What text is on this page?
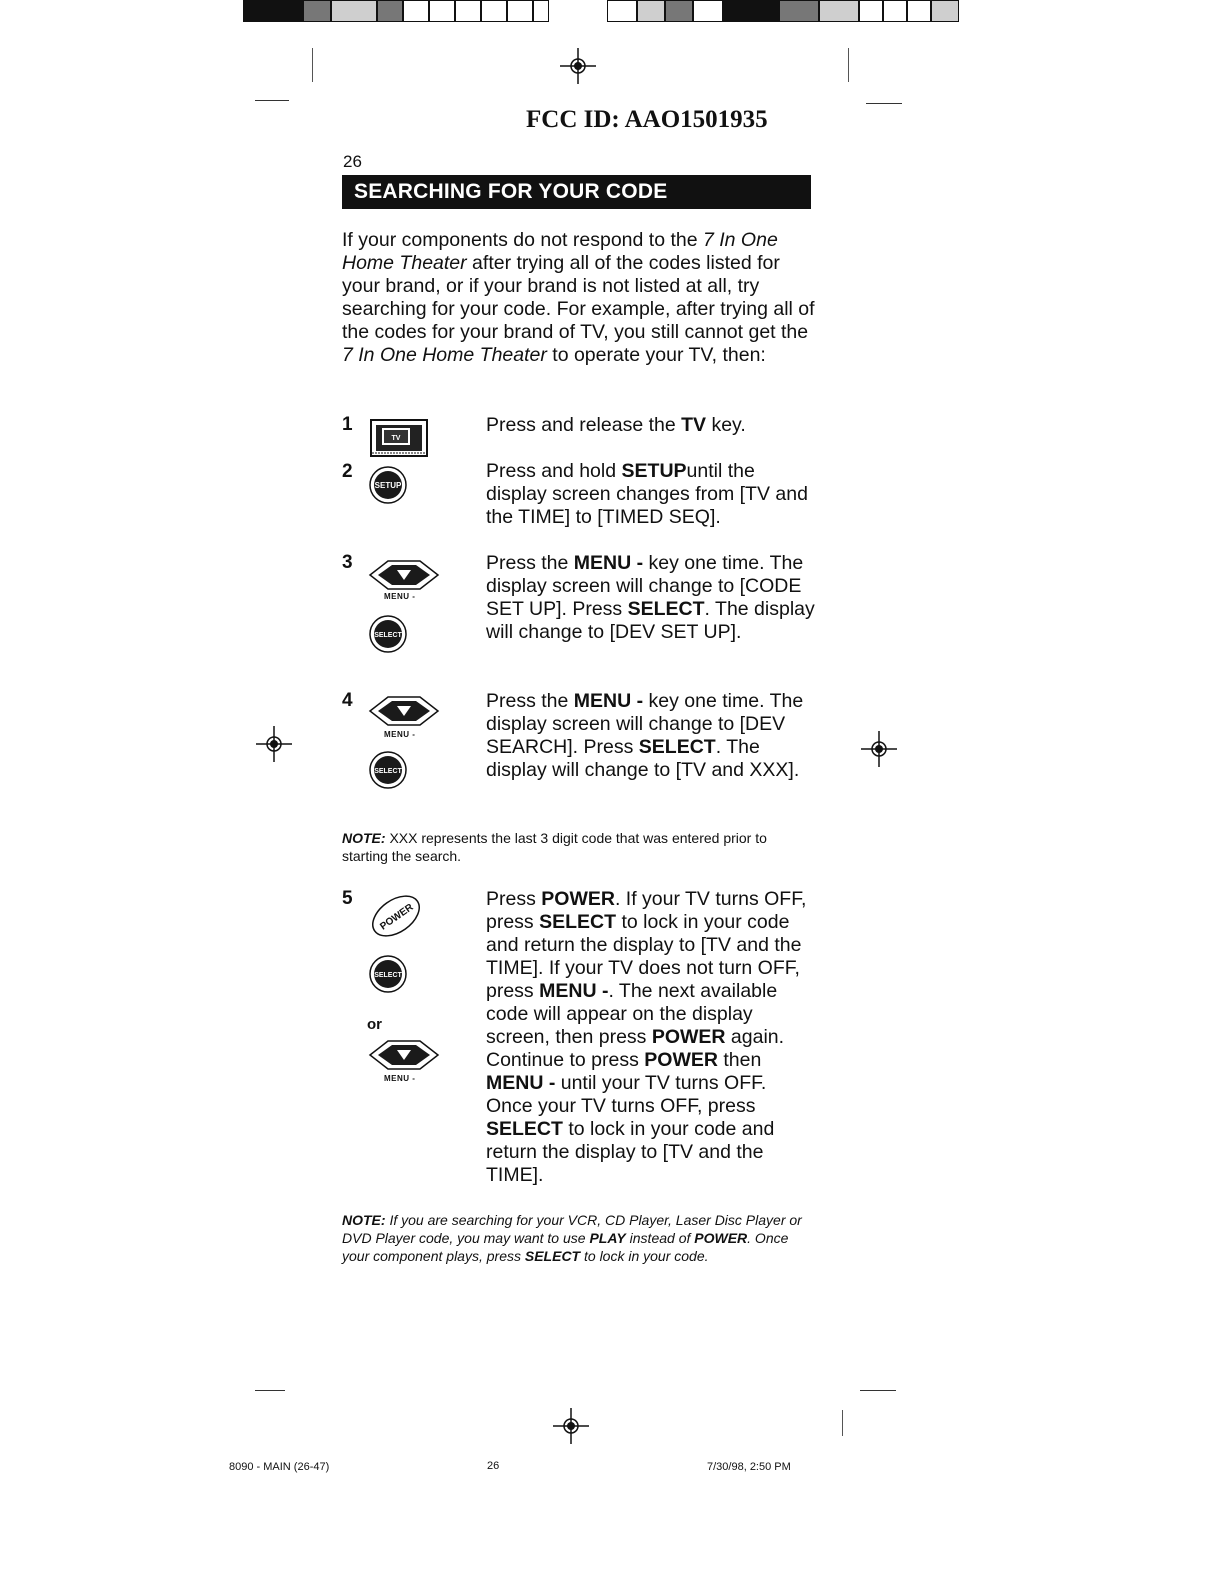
FCC ID: AAO1501935
26
SEARCHING FOR YOUR CODE
If your components do not respond to the 7 In One Home Theater after trying all of the codes listed for your brand, or if your brand is not listed at all, try searching for your code. For example, after trying all of the codes for your brand of TV, you still cannot get the 7 In One Home Theater to operate your TV, then:
1
TV
Press and release the TV key.
2
SETUP
Press and hold SETUPuntil the display screen changes from [TV and the TIME] to [TIMED SEQ].
3
MENU -
SELECT
Press the MENU - key one time. The display screen will change to [CODE SET UP]. Press SELECT. The display will change to [DEV SET UP].
4
MENU -
SELECT
Press the MENU - key one time. The display screen will change to [DEV SEARCH]. Press SELECT. The display will change to [TV and XXX].
NOTE: XXX represents the last 3 digit code that was entered prior to starting the search.
5
POWER
SELECT
or
MENU -
Press POWER. If your TV turns OFF, press SELECT to lock in your code and return the display to [TV and the TIME]. If your TV does not turn OFF, press MENU -. The next available code will appear on the display screen, then press POWER again. Continue to press POWER then MENU - until your TV turns OFF. Once your TV turns OFF, press SELECT to lock in your code and return the display to [TV and the TIME].
NOTE: If you are searching for your VCR, CD Player, Laser Disc Player or DVD Player code, you may want to use PLAY instead of POWER. Once your component plays, press SELECT to lock in your code.
8090 - MAIN (26-47)	26	7/30/98, 2:50 PM
